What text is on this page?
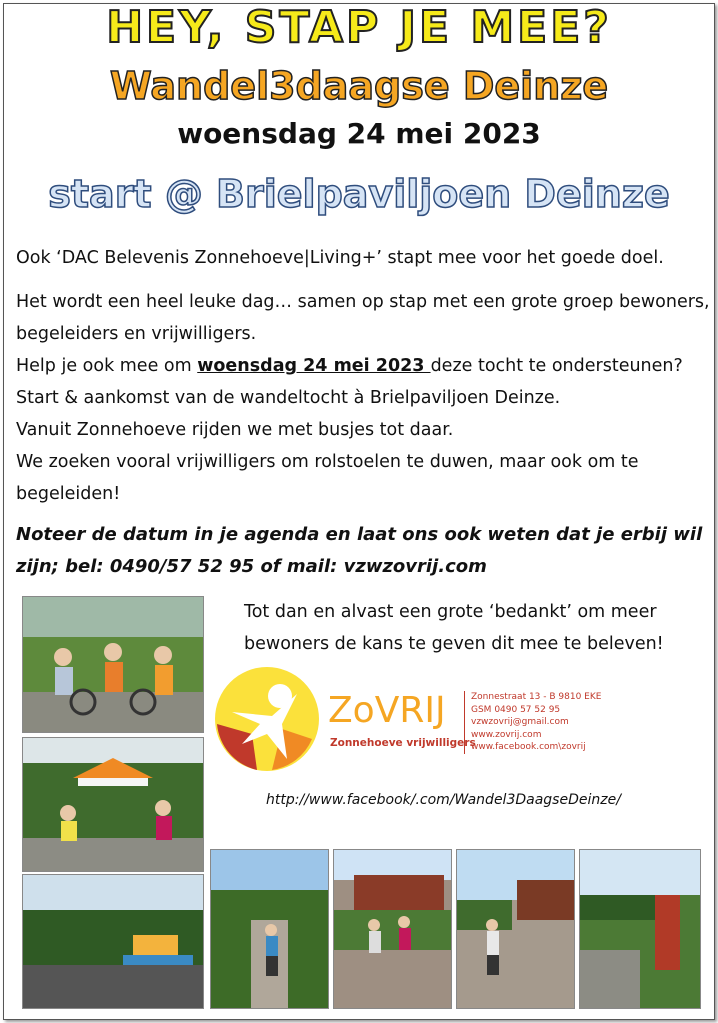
HEY, STAP JE MEE?
Wandel3daagse Deinze
woensdag 24 mei 2023
start @ Brielpaviljoen Deinze
Ook ‘DAC Belevenis Zonnehoeve|Living+’ stapt mee voor het goede doel.
Het wordt een heel leuke dag… samen op stap met een grote groep bewoners, begeleiders en vrijwilligers.
Help je ook mee om woensdag 24 mei 2023 deze tocht te ondersteunen?
Start & aankomst van de wandeltocht à Brielpaviljoen Deinze.
Vanuit Zonnehoeve rijden we met busjes tot daar.
We zoeken vooral vrijwilligers om rolstoelen te duwen, maar ook om te begeleiden!
Noteer de datum in je agenda en laat ons ook weten dat je erbij wil zijn; bel: 0490/57 52 95 of mail: vzwzovrij.com
Tot dan en alvast een grote ‘bedankt’ om meer bewoners de kans te geven dit mee te beleven!
ZoVRIJ
Zonnehoeve vrijwilligers
Zonnestraat 13 - B 9810 EKE
GSM 0490 57 52 95
vzwzovrij@gmail.com
www.zovrij.com
www.facebook.com\zovrij
http://www.facebook/.com/Wandel3DaagseDeinze/
